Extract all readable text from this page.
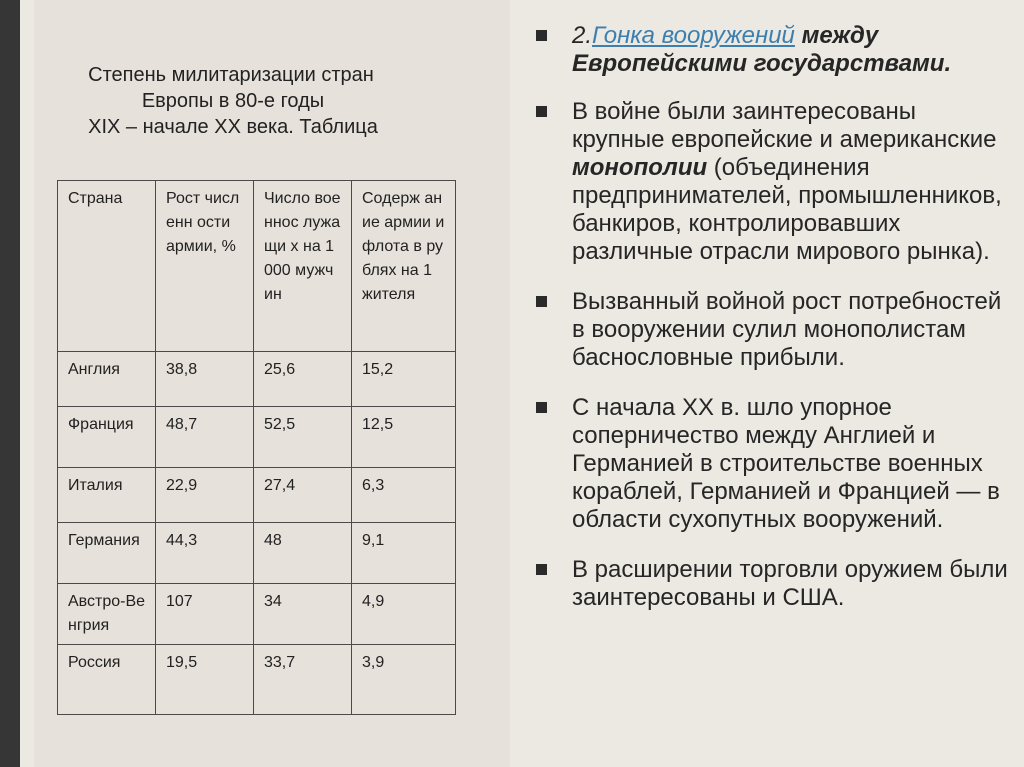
Степень милитаризации стран
Европы в 80-е годы
XIX – начале XX века. Таблица
Страна	Рост численн ости армии, %	Число военнос лужащи х на 1000 мужчин	Содерж ание армии и флота в рублях на 1 жителя
Англия	38,8	25,6	15,2
Франция	48,7	52,5	12,5
Италия	22,9	27,4	6,3
Германия	44,3	48	9,1
Австро-Венгрия	107	34	4,9
Россия	19,5	33,7	3,9
2.Гонка вооружений между Европейскими государствами.
В войне были заинтересованы крупные европейские и американские монополии (объединения предпринимателей, промышленников, банкиров, контролировавших различные отрасли мирового рынка).
Вызванный войной рост потребностей в вооружении сулил монополистам баснословные прибыли.
С начала XX в. шло упорное соперничество между Англией и Германией в строительстве военных кораблей, Германией и Францией — в области сухопутных вооружений.
В расширении торговли оружием были заинтересованы и США.
